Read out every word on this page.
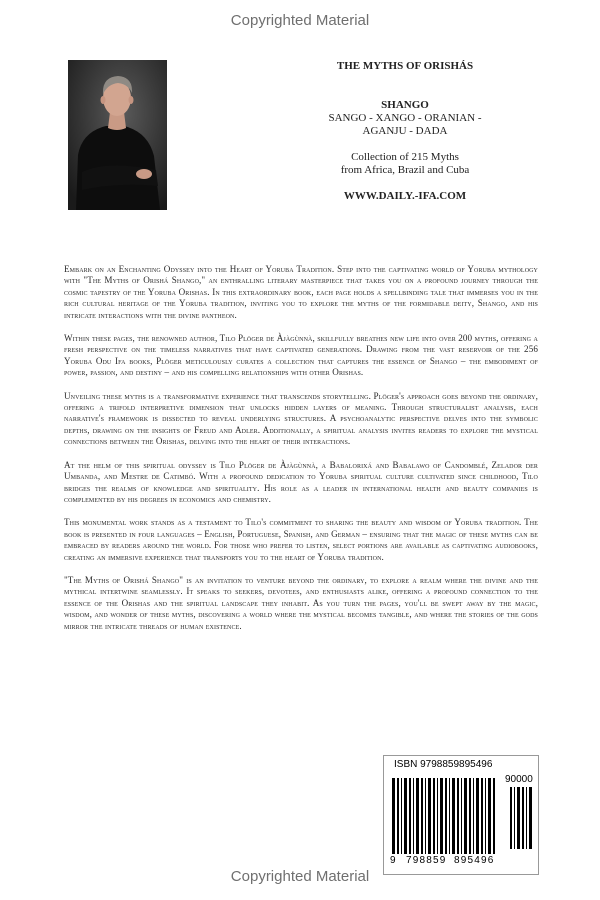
Copyrighted Material
THE MYTHS OF ORISHÁS
SHANGO
SANGO - XANGO - ORANIAN -
AGANJU - DADA
Collection of 215 Myths
from Africa, Brazil and Cuba
WWW.DAILY.-IFA.COM

Embark on an Enchanting Odyssey into the Heart of Yoruba Tradition. Step into the captivating world of Yoruba mythology with "The Myths of Orishá Shango," an enthralling literary masterpiece that takes you on a profound journey through the cosmic tapestry of the Yoruba Orishas. In this extraordinary book, each page holds a spellbinding tale that immerses you in the rich cultural heritage of the Yoruba tradition, inviting you to explore the myths of the formidable deity, Shango, and his intricate interactions with the divine pantheon.

Within these pages, the renowned author, Tilo Plöger de Àjàgùnnà, skillfully breathes new life into over 200 myths, offering a fresh perspective on the timeless narratives that have captivated generations. Drawing from the vast reservoir of the 256 Yoruba Odu Ifa books, Plöger meticulously curates a collection that captures the essence of Shango – the embodiment of power, passion, and destiny – and his compelling relationships with other Orishas.

Unveiling these myths is a transformative experience that transcends storytelling. Plöger's approach goes beyond the ordinary, offering a trifold interpretive dimension that unlocks hidden layers of meaning. Through structuralist analysis, each narrative's framework is dissected to reveal underlying structures. A psychoanalytic perspective delves into the symbolic depths, drawing on the insights of Freud and Adler. Additionally, a spiritual analysis invites readers to explore the mystical connections between the Orishas, delving into the heart of their interactions.

At the helm of this spiritual odyssey is Tilo Plöger de Àjàgùnnà, a Babalorixá and Babalawo of Candomblé, Zelador der Umbanda, and Mestre de Catimbó. With a profound dedication to Yoruba spiritual culture cultivated since childhood, Tilo bridges the realms of knowledge and spirituality. His role as a leader in international health and beauty companies is complemented by his degrees in economics and chemistry.

This monumental work stands as a testament to Tilo's commitment to sharing the beauty and wisdom of Yoruba tradition. The book is presented in four languages – English, Portuguese, Spanish, and German – ensuring that the magic of these myths can be embraced by readers around the world. For those who prefer to listen, select portions are available as captivating audiobooks, creating an immersive experience that transports you to the heart of Yoruba tradition.

"The Myths of Orishá Shango" is an invitation to venture beyond the ordinary, to explore a realm where the divine and the mythical intertwine seamlessly. It speaks to seekers, devotees, and enthusiasts alike, offering a profound connection to the essence of the Orishas and the spiritual landscape they inhabit. As you turn the pages, you'll be swept away by the magic, wisdom, and wonder of these myths, discovering a world where the mystical becomes tangible, and where the stories of the gods mirror the intricate threads of human existence.

ISBN 9798859895496
90000
9 798859 895496
Copyrighted Material
